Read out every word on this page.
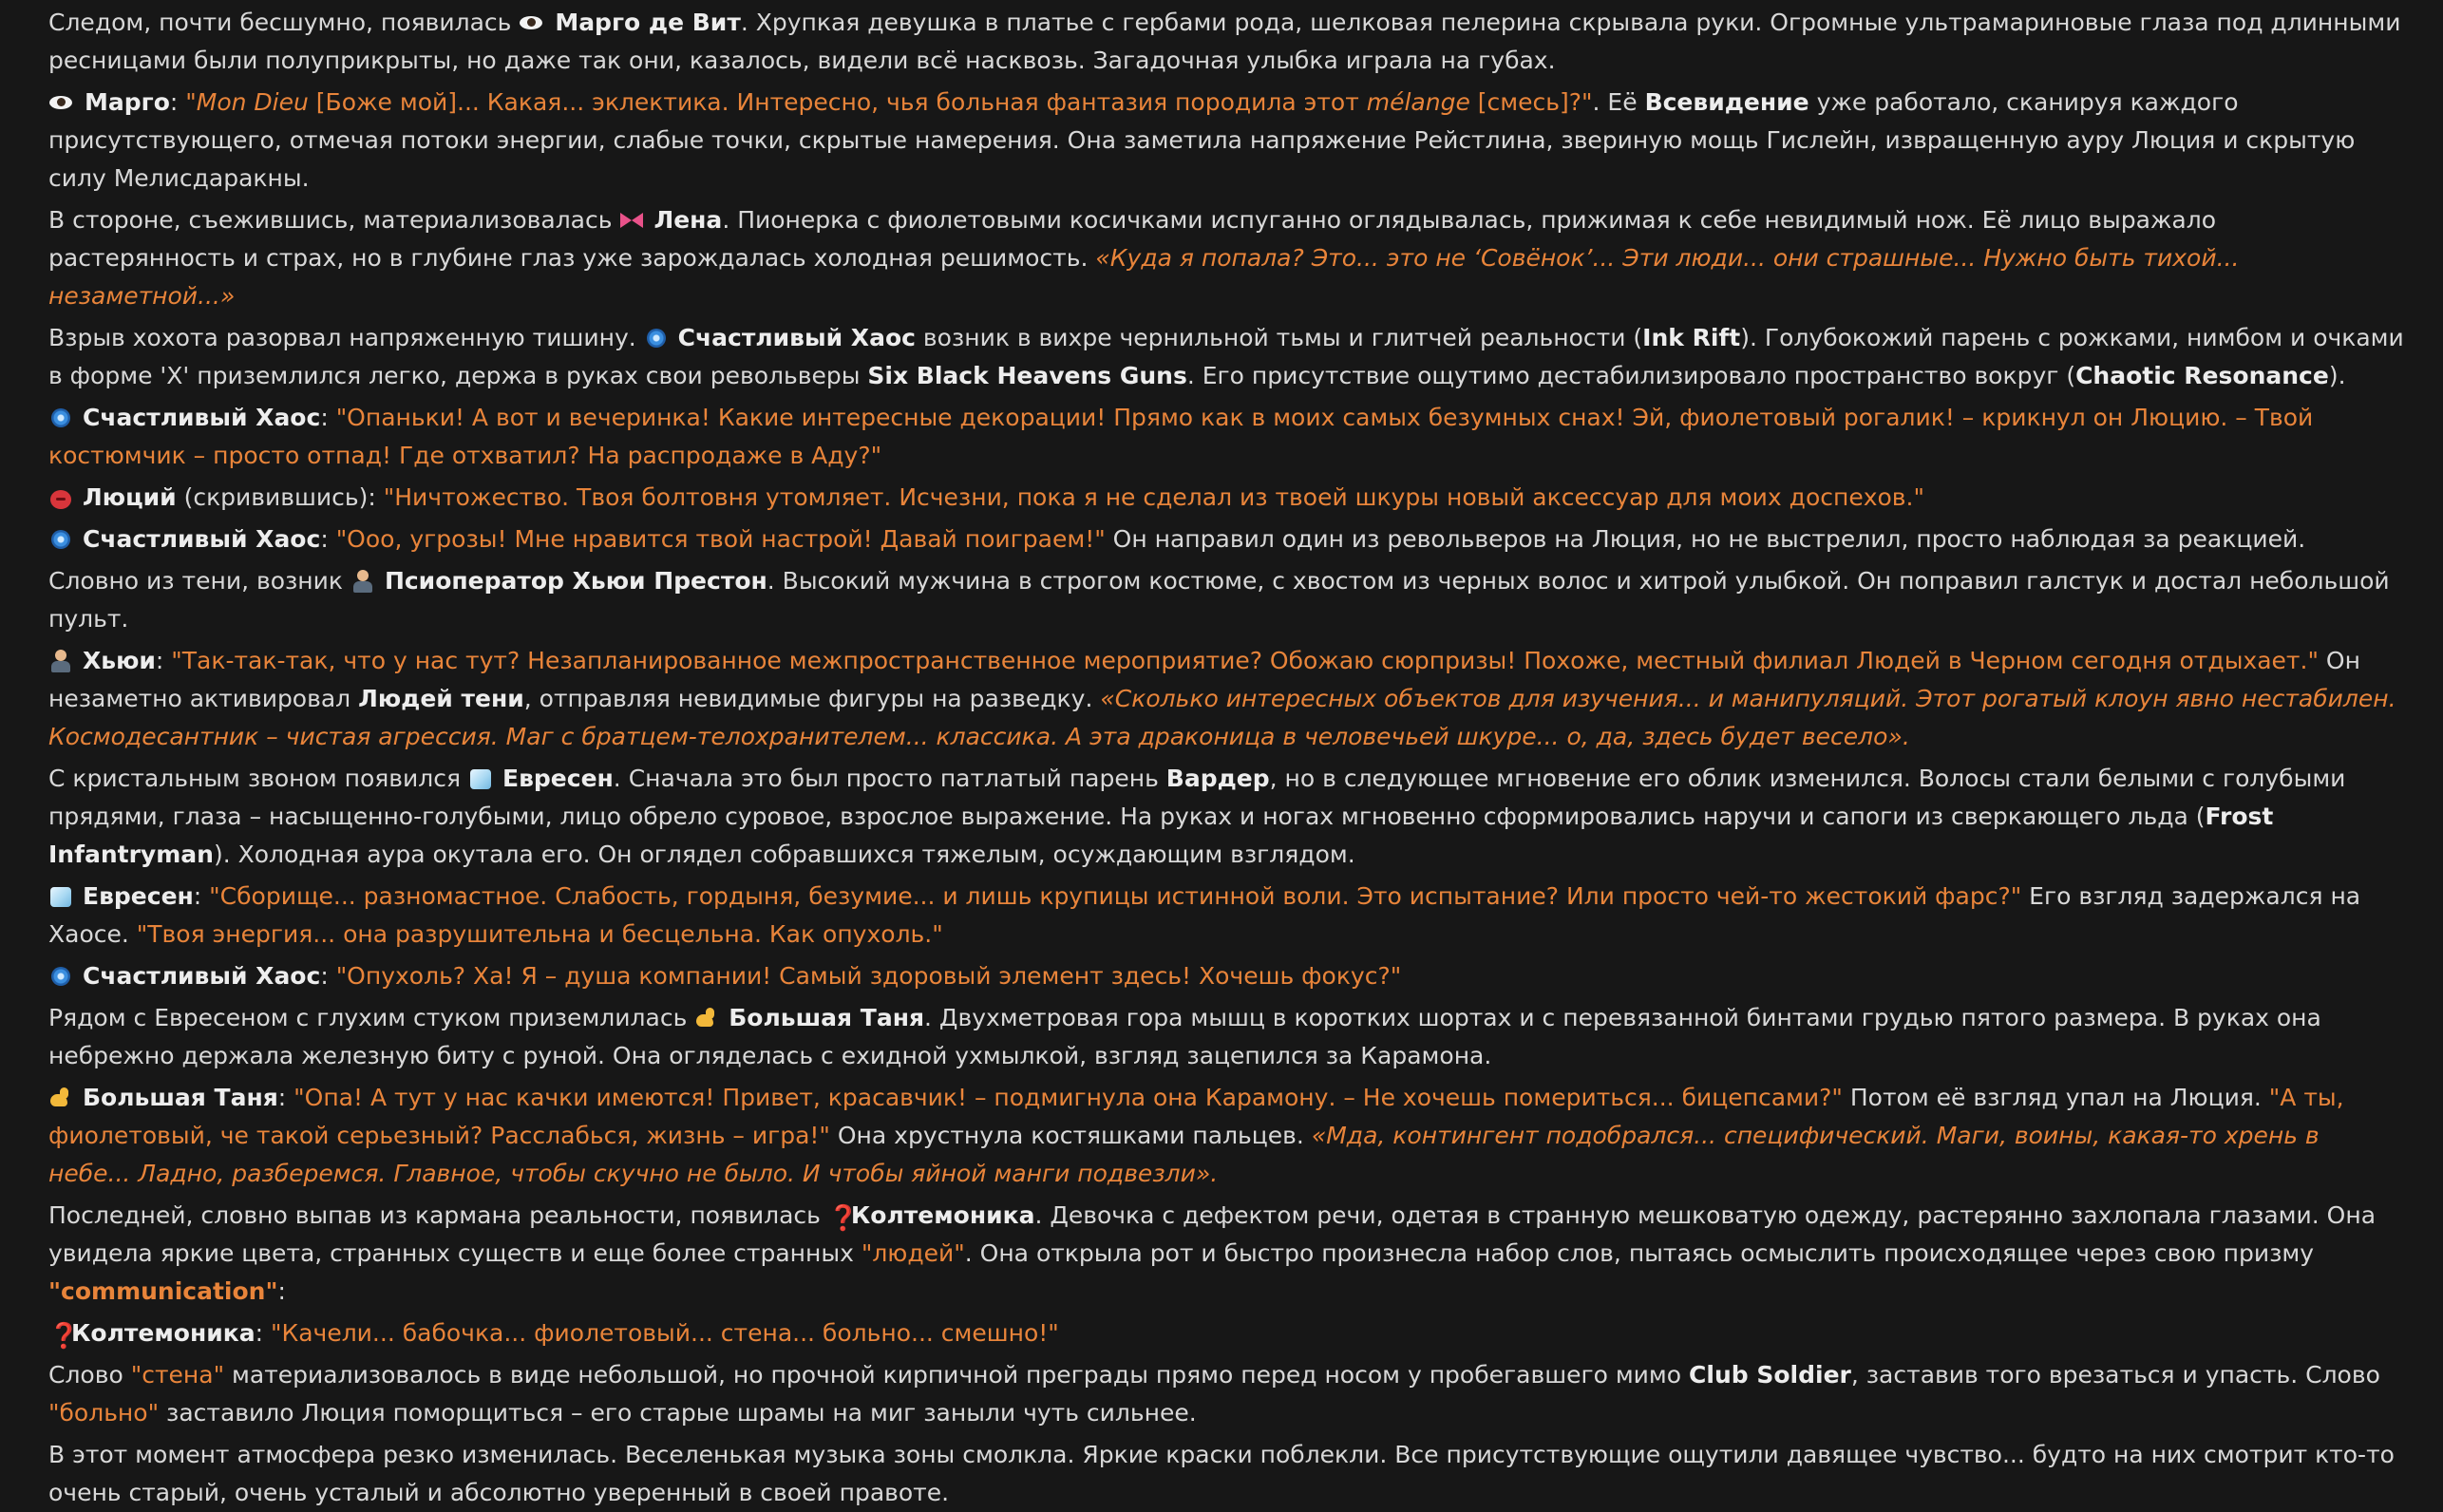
Следом, почти бесшумно, появилась Марго де Вит. Хрупкая девушка в платье с гербами рода, шелковая пелерина скрывала руки. Огромные ультрамариновые глаза под длинными ресницами были полуприкрыты, но даже так они, казалось, видели всё насквозь. Загадочная улыбка играла на губах.

Марго: "Mon Dieu [Боже мой]... Какая... эклектика. Интересно, чья больная фантазия породила этот mélange [смесь]?". Её Всевидение уже работало, сканируя каждого присутствующего, отмечая потоки энергии, слабые точки, скрытые намерения. Она заметила напряжение Рейстлина, звериную мощь Гислейн, извращенную ауру Люция и скрытую силу Мелисдаракны.

В стороне, съежившись, материализовалась Лена. Пионерка с фиолетовыми косичками испуганно оглядывалась, прижимая к себе невидимый нож. Её лицо выражало растерянность и страх, но в глубине глаз уже зарождалась холодная решимость. «Куда я попала? Это... это не ‘Совёнок’... Эти люди... они страшные... Нужно быть тихой... незаметной...»

Взрыв хохота разорвал напряженную тишину. Счастливый Хаос возник в вихре чернильной тьмы и глитчей реальности (Ink Rift). Голубокожий парень с рожками, нимбом и очками в форме 'X' приземлился легко, держа в руках свои револьверы Six Black Heavens Guns. Его присутствие ощутимо дестабилизировало пространство вокруг (Chaotic Resonance).

Счастливый Хаос: "Опаньки! А вот и вечеринка! Какие интересные декорации! Прямо как в моих самых безумных снах! Эй, фиолетовый рогалик! – крикнул он Люцию. – Твой костюмчик – просто отпад! Где отхватил? На распродаже в Аду?"

Люций (скривившись): "Ничтожество. Твоя болтовня утомляет. Исчезни, пока я не сделал из твоей шкуры новый аксессуар для моих доспехов."

Счастливый Хаос: "Ооо, угрозы! Мне нравится твой настрой! Давай поиграем!" Он направил один из револьверов на Люция, но не выстрелил, просто наблюдая за реакцией.

Словно из тени, возник Псиоператор Хьюи Престон. Высокий мужчина в строгом костюме, с хвостом из черных волос и хитрой улыбкой. Он поправил галстук и достал небольшой пульт.

Хьюи: "Так-так-так, что у нас тут? Незапланированное межпространственное мероприятие? Обожаю сюрпризы! Похоже, местный филиал Людей в Черном сегодня отдыхает." Он незаметно активировал Людей тени, отправляя невидимые фигуры на разведку. «Сколько интересных объектов для изучения... и манипуляций. Этот рогатый клоун явно нестабилен. Космодесантник – чистая агрессия. Маг с братцем-телохранителем... классика. А эта драконица в человечьей шкуре... о, да, здесь будет весело».

С кристальным звоном появился Евресен. Сначала это был просто патлатый парень Вардер, но в следующее мгновение его облик изменился. Волосы стали белыми с голубыми прядями, глаза – насыщенно-голубыми, лицо обрело суровое, взрослое выражение. На руках и ногах мгновенно сформировались наручи и сапоги из сверкающего льда (Frost Infantryman). Холодная аура окутала его. Он оглядел собравшихся тяжелым, осуждающим взглядом.

Евресен: "Сборище... разномастное. Слабость, гордыня, безумие... и лишь крупицы истинной воли. Это испытание? Или просто чей-то жестокий фарс?" Его взгляд задержался на Хаосе. "Твоя энергия... она разрушительна и бесцельна. Как опухоль."

Счастливый Хаос: "Опухоль? Ха! Я – душа компании! Самый здоровый элемент здесь! Хочешь фокус?"

Рядом с Евресеном с глухим стуком приземлилась Большая Таня. Двухметровая гора мышц в коротких шортах и с перевязанной бинтами грудью пятого размера. В руках она небрежно держала железную биту с руной. Она огляделась с ехидной ухмылкой, взгляд зацепился за Карамона.

Большая Таня: "Опа! А тут у нас качки имеются! Привет, красавчик! – подмигнула она Карамону. – Не хочешь помериться... бицепсами?" Потом её взгляд упал на Люция. "А ты, фиолетовый, че такой серьезный? Расслабься, жизнь – игра!" Она хрустнула костяшками пальцев. «Мда, контингент подобрался... специфический. Маги, воины, какая-то хрень в небе... Ладно, разберемся. Главное, чтобы скучно не было. И чтобы яйной манги подвезли».

Последней, словно выпав из кармана реальности, появилась ❓Колтемоника. Девочка с дефектом речи, одетая в странную мешковатую одежду, растерянно захлопала глазами. Она увидела яркие цвета, странных существ и еще более странных "людей". Она открыла рот и быстро произнесла набор слов, пытаясь осмыслить происходящее через свою призму "communication":

❓Колтемоника: "Качели... бабочка... фиолетовый... стена... больно... смешно!"

Слово "стена" материализовалось в виде небольшой, но прочной кирпичной преграды прямо перед носом у пробегавшего мимо Club Soldier, заставив того врезаться и упасть. Слово "больно" заставило Люция поморщиться – его старые шрамы на миг заныли чуть сильнее.

В этот момент атмосфера резко изменилась. Веселенькая музыка зоны смолкла. Яркие краски поблекли. Все присутствующие ощутили давящее чувство... будто на них смотрит кто-то очень старый, очень усталый и абсолютно уверенный в своей правоте.
